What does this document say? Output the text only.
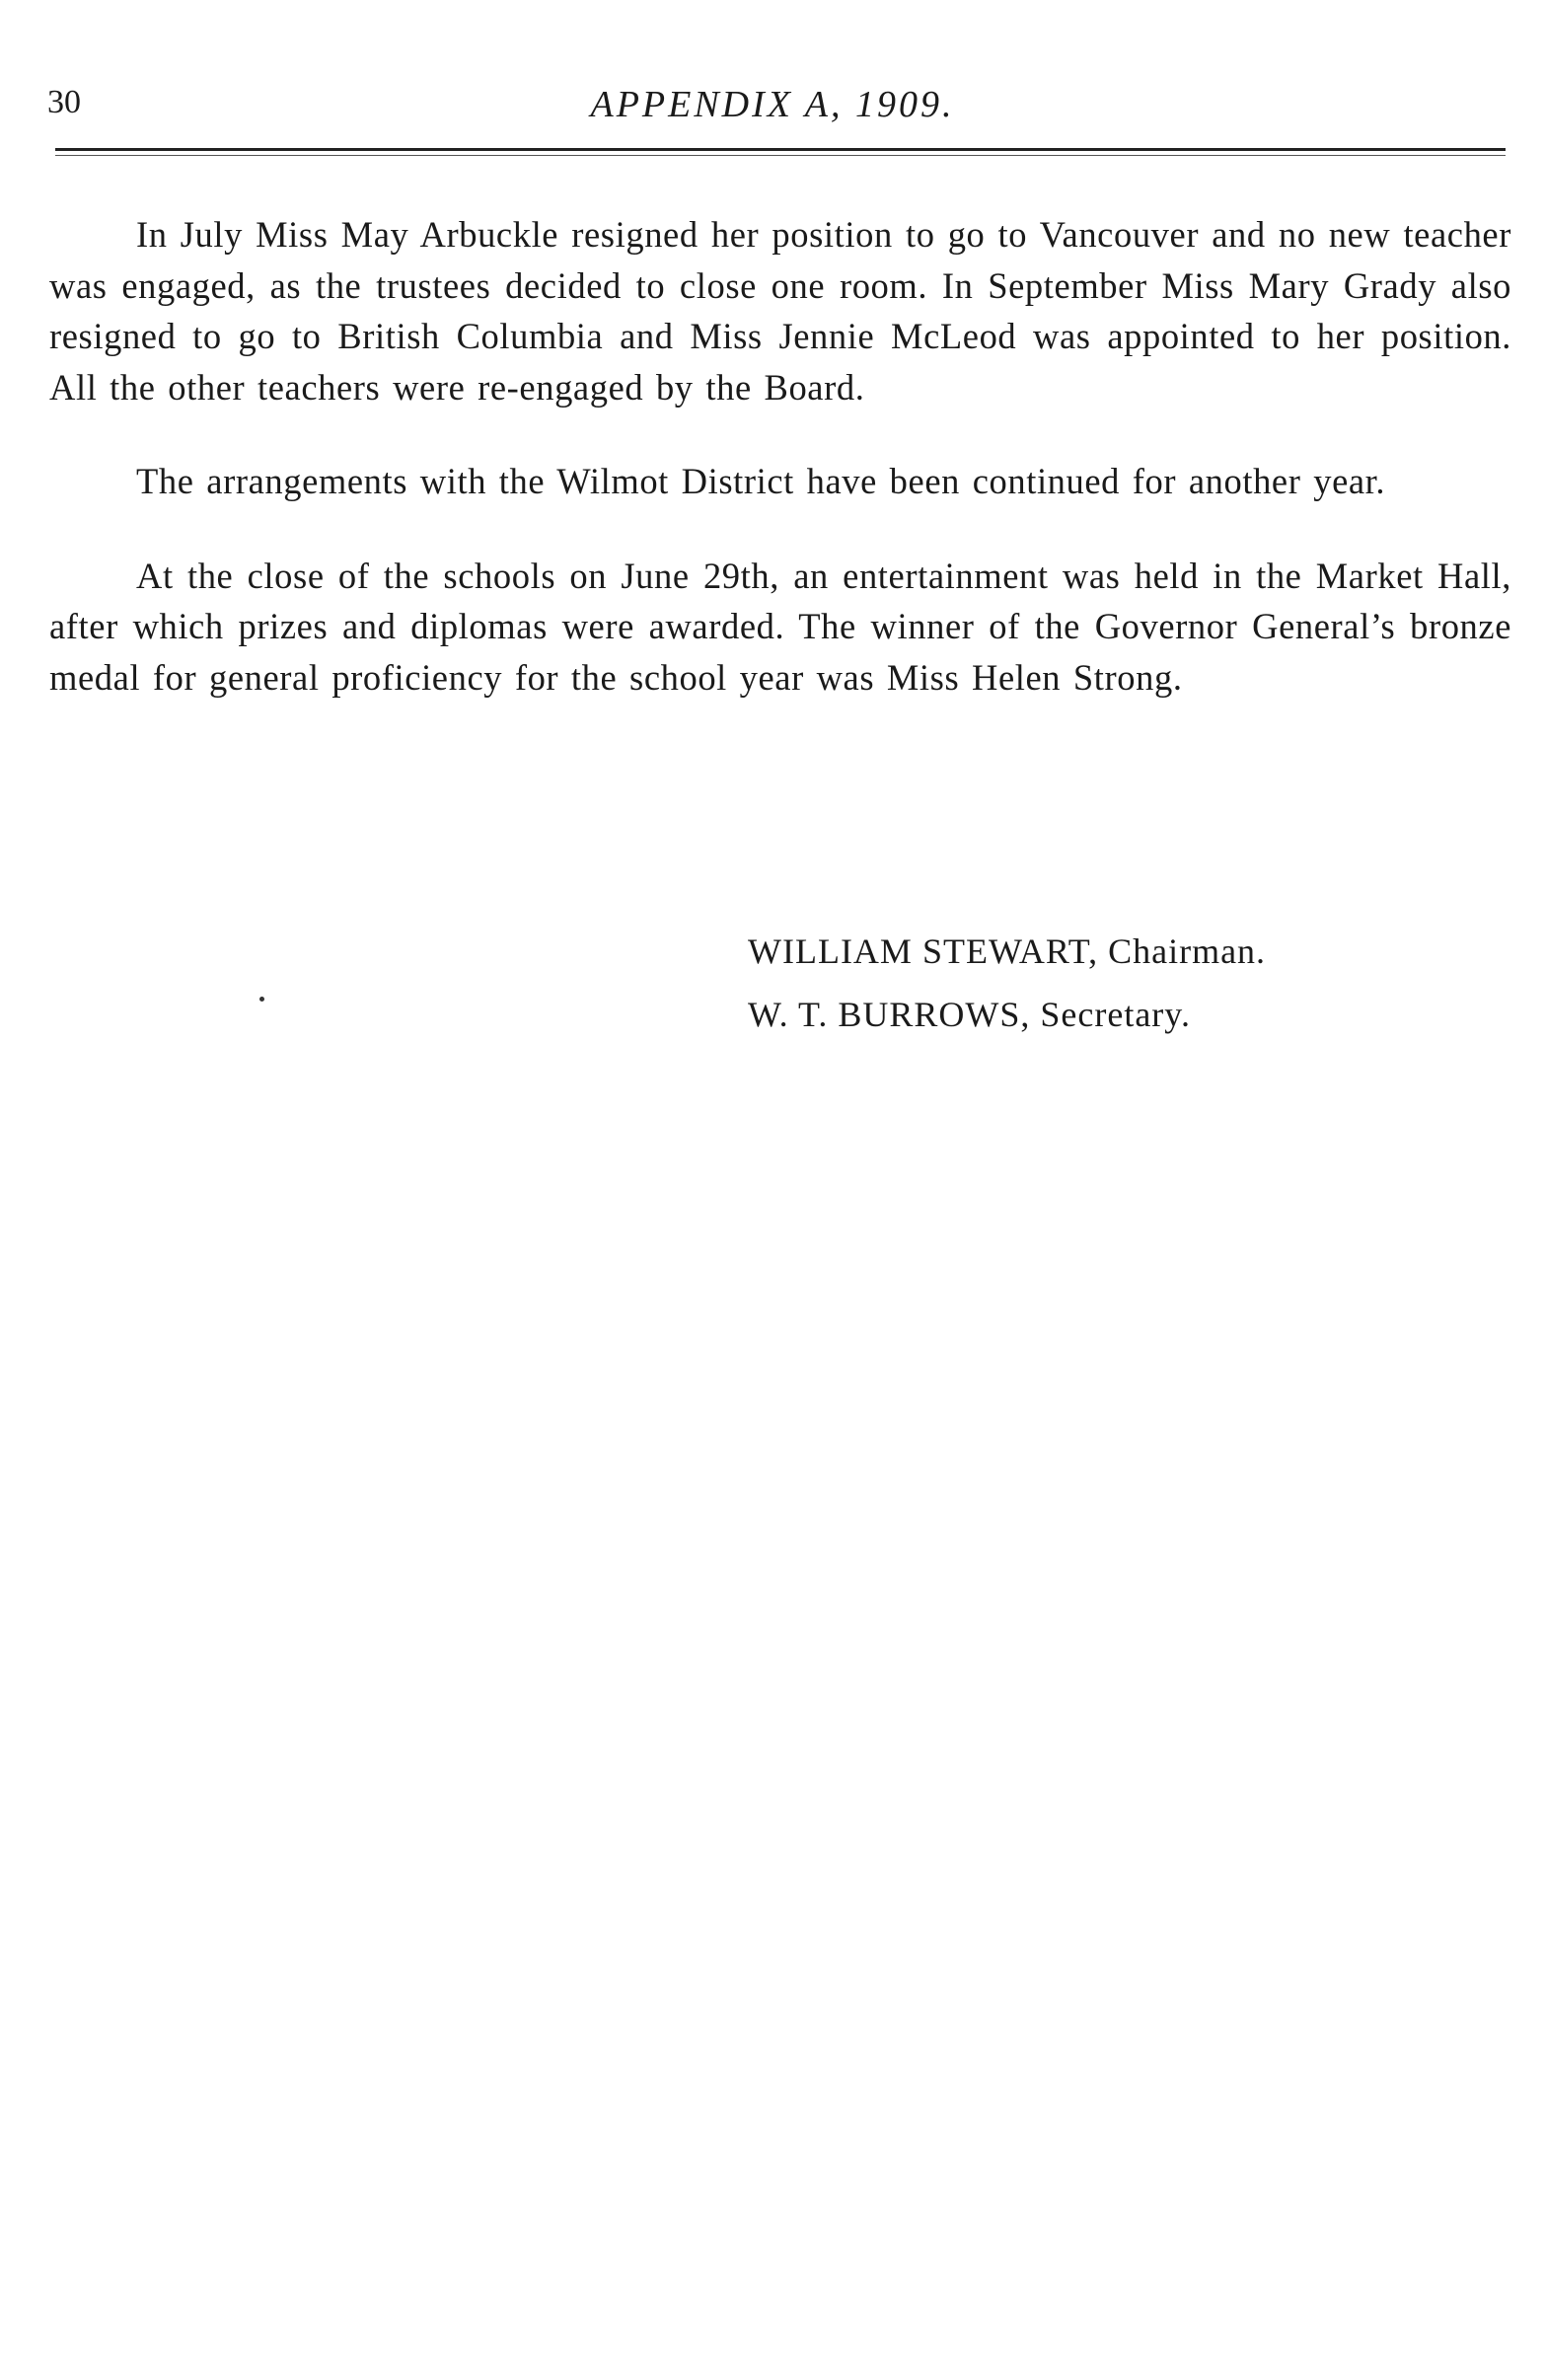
30	APPENDIX A, 1909.

In July Miss May Arbuckle resigned her position to go to Vancouver and no new teacher was engaged, as the trustees decided to close one room. In September Miss Mary Grady also resigned to go to British Columbia and Miss Jennie McLeod was appointed to her position. All the other teachers were re-engaged by the Board.

The arrangements with the Wilmot District have been continued for another year.

At the close of the schools on June 29th, an entertainment was held in the Market Hall, after which prizes and diplomas were awarded. The winner of the Governor General’s bronze medal for general proficiency for the school year was Miss Helen Strong.

WILLIAM STEWART, Chairman.
W. T. BURROWS, Secretary.
